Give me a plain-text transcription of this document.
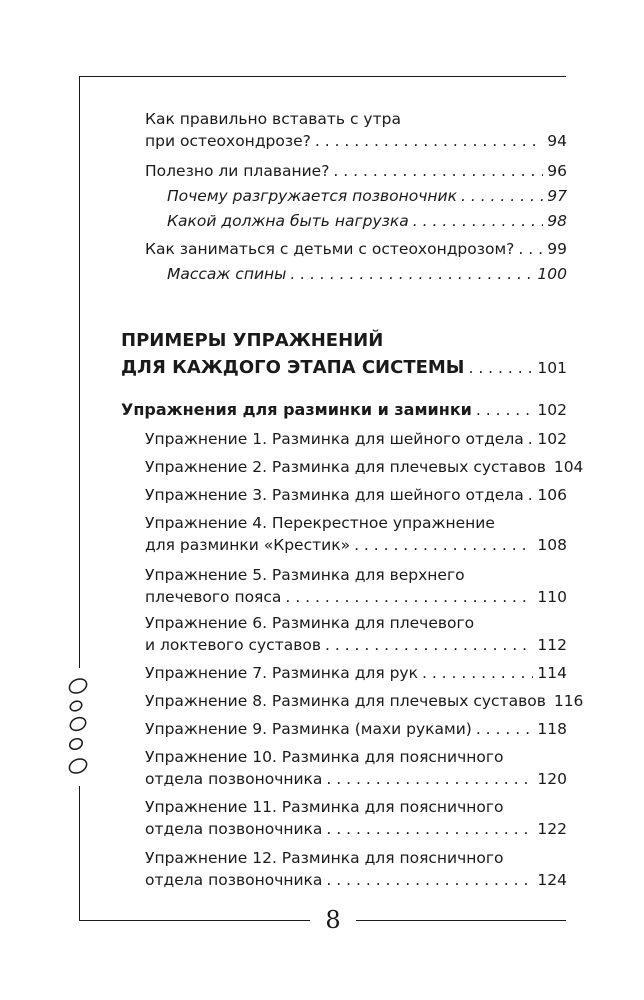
Как правильно вставать с утра
при остеохондрозе? . . .	94
Полезно ли плавание? . . .	96
Почему разгружается позвоночник . . .	97
Какой должна быть нагрузка . . .	98
Как заниматься с детьми с остеохондрозом? . . . 99
Массаж спины . . .	100
ПРИМЕРЫ УПРАЖНЕНИЙ
ДЛЯ КАЖДОГО ЭТАПА СИСТЕМЫ . . .	101
Упражнения для разминки и заминки . . .	102
Упражнение 1. Разминка для шейного отдела . . . 102
Упражнение 2. Разминка для плечевых суставов 104
Упражнение 3. Разминка для шейного отдела . . . 106
Упражнение 4. Перекрестное упражнение
для разминки «Крестик» . . .	108
Упражнение 5. Разминка для верхнего
плечевого пояса . . .	110
Упражнение 6. Разминка для плечевого
и локтевого суставов . . .	112
Упражнение 7. Разминка для рук . . .	114
Упражнение 8. Разминка для плечевых суставов 116
Упражнение 9. Разминка (махи руками) . . .	118
Упражнение 10. Разминка для поясничного
отдела позвоночника . . .	120
Упражнение 11. Разминка для поясничного
отдела позвоночника . . .	122
Упражнение 12. Разминка для поясничного
отдела позвоночника . . .	124
8
